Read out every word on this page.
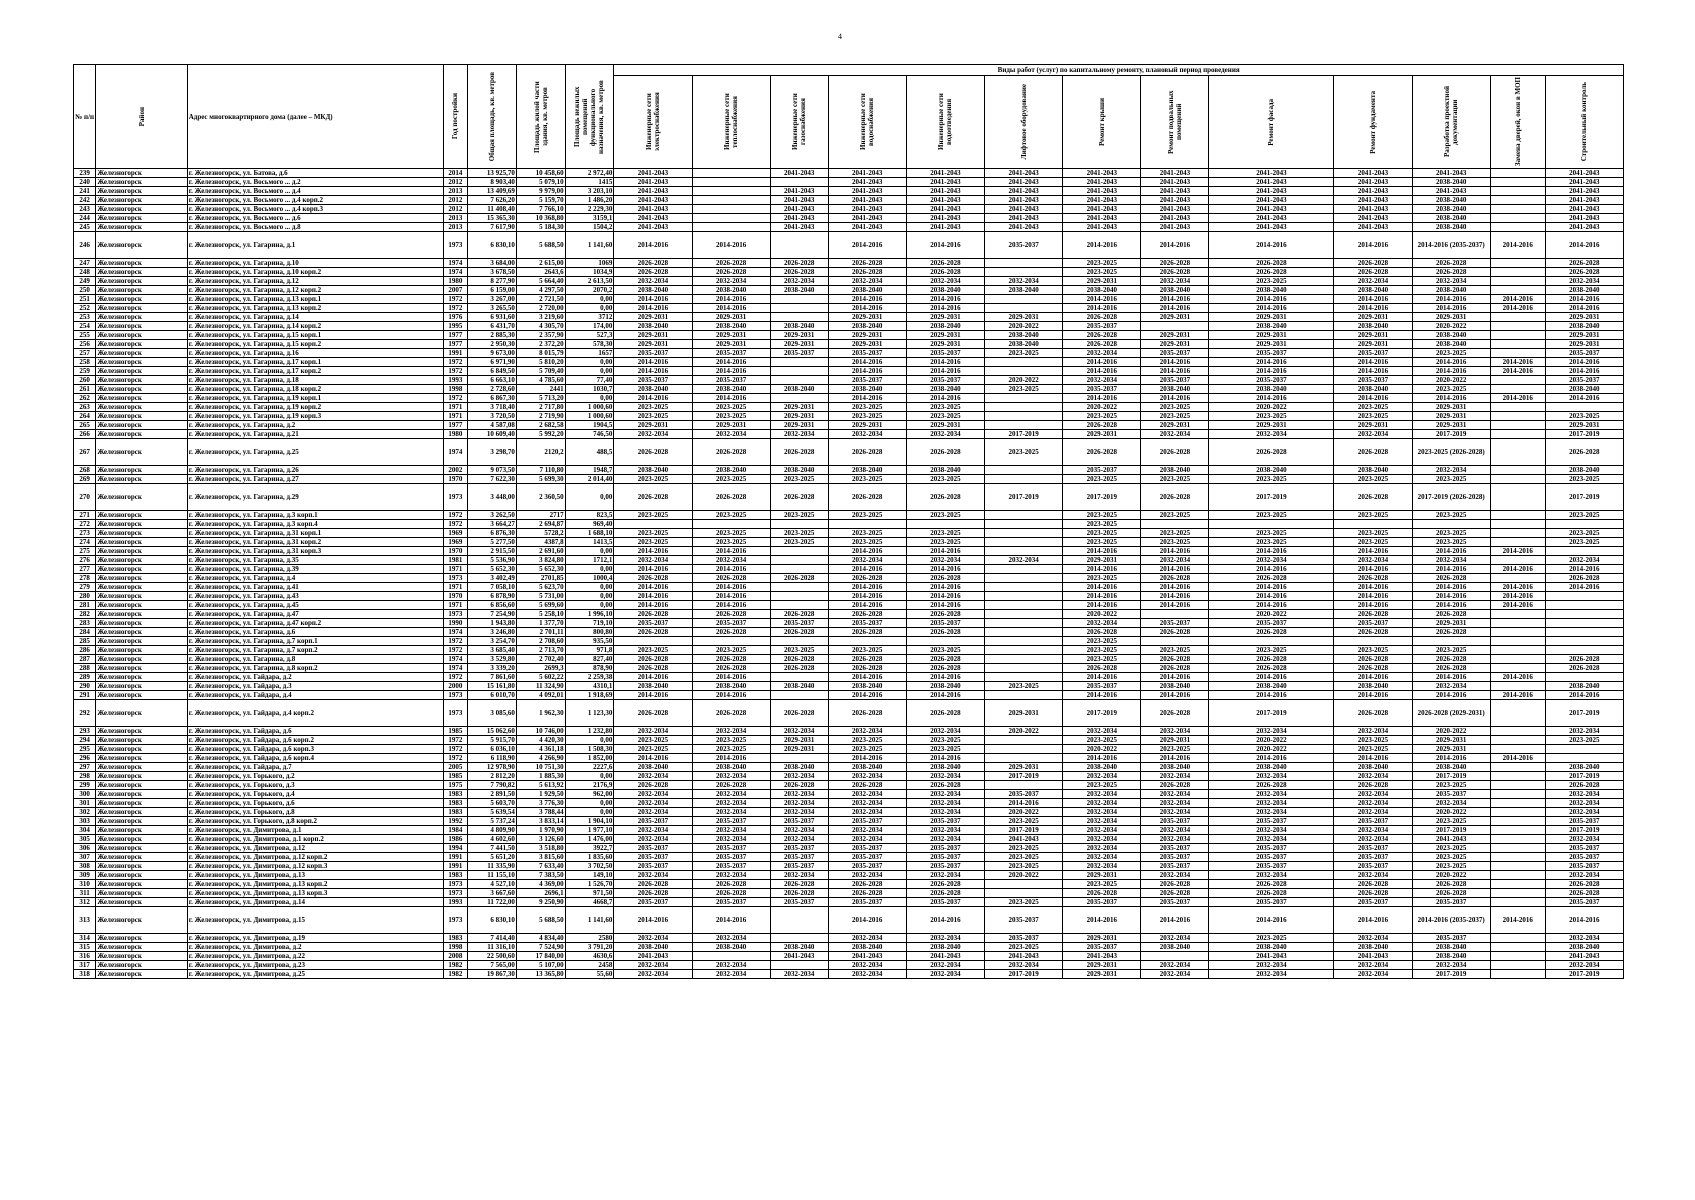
4
№ п/п	Район	Адрес многоквартирного дома (далее – МКД)	Год постройки	Общая площадь, кв. метров	Площадь жилой части здания, кв. метров	Площадь нежилых помещений функционального назначения, кв. метров	Виды работ (услуг) по капитальному ремонту, плановый период проведения												

							Инженерные сети электроснабжения	Инженерные сети теплоснабжения	Инженерные сети газоснабжения	Инженерные сети водоснабжения	Инженерные сети водоотведения	Лифтовое оборудование	Ремонт крыши	Ремонт подвальных помещений	Ремонт фасада	Ремонт фундамента	Разработка проектной документации	Замена дверей, окон в МОП	Строительный контроль

239	Железногорск	г. Железногорск, ул. Батова, д.6	2014	13 925,70	10 458,60	2 972,40	2041-2043		2041-2043	2041-2043	2041-2043	2041-2043	2041-2043	2041-2043	2041-2043	2041-2043	2041-2043		2041-2043
240	Железногорск	г. Железногорск, ул. Восьмого ... д.2	2012	8 903,40	5 079,10	1415	2041-2043			2041-2043	2041-2043	2041-2043	2041-2043	2041-2043	2041-2043	2041-2043	2038-2040		2041-2043
241	Железногорск	г. Железногорск, ул. Восьмого ... д.4	2013	13 409,69	9 979,00	3 203,10	2041-2043		2041-2043	2041-2043	2041-2043	2041-2043	2041-2043	2041-2043	2041-2043	2041-2043	2041-2043		2041-2043
242	Железногорск	г. Железногорск, ул. Восьмого ... д.4 корп.2	2012	7 626,20	5 159,70	1 486,20	2041-2043		2041-2043	2041-2043	2041-2043	2041-2043	2041-2043	2041-2043	2041-2043	2041-2043	2038-2040		2041-2043
243	Железногорск	г. Железногорск, ул. Восьмого ... д.4 корп.3	2012	11 408,40	7 766,10	2 229,30	2041-2043		2041-2043	2041-2043	2041-2043	2041-2043	2041-2043	2041-2043	2041-2043	2041-2043	2038-2040		2041-2043
244	Железногорск	г. Железногорск, ул. Восьмого ... д.6	2013	15 365,30	10 368,80	3159,1	2041-2043		2041-2043	2041-2043	2041-2043	2041-2043	2041-2043	2041-2043	2041-2043	2041-2043	2038-2040		2041-2043
245	Железногорск	г. Железногорск, ул. Восьмого ... д.8	2013	7 617,90	5 184,30	1504,2	2041-2043		2041-2043	2041-2043	2041-2043	2041-2043	2041-2043	2041-2043	2041-2043	2041-2043	2038-2040		2041-2043
246	Железногорск	г. Железногорск, ул. Гагарина, д.1	1973	6 830,10	5 688,50	1 141,60	2014-2016	2014-2016		2014-2016	2014-2016	2035-2037	2014-2016	2014-2016	2014-2016	2014-2016	2014-2016 (2035-2037)	2014-2016	2014-2016
247	Железногорск	г. Железногорск, ул. Гагарина, д.10	1974	3 684,00	2 615,00	1069	2026-2028	2026-2028	2026-2028	2026-2028	2026-2028		2023-2025	2026-2028	2026-2028	2026-2028	2026-2028		2026-2028
248	Железногорск	г. Железногорск, ул. Гагарина, д.10 корп.2	1974	3 678,50	2643,6	1034,9	2026-2028	2026-2028	2026-2028	2026-2028	2026-2028		2023-2025	2026-2028	2026-2028	2026-2028	2026-2028		2026-2028
249	Железногорск	г. Железногорск, ул. Гагарина, д.12	1980	8 277,90	5 664,40	2 613,50	2032-2034	2032-2034	2032-2034	2032-2034	2032-2034	2032-2034	2029-2031	2032-2034	2023-2025	2032-2034	2032-2034		2032-2034
250	Железногорск	г. Железногорск, ул. Гагарина, д.12 корп.2	2007	6 159,00	4 297,50	2070,2	2038-2040	2038-2040	2038-2040	2038-2040	2038-2040	2038-2040	2038-2040	2038-2040	2038-2040	2038-2040	2038-2040		2038-2040
251	Железногорск	г. Железногорск, ул. Гагарина, д.13 корп.1	1972	3 267,00	2 721,50	0,00	2014-2016	2014-2016		2014-2016	2014-2016		2014-2016	2014-2016	2014-2016	2014-2016	2014-2016	2014-2016	2014-2016
252	Железногорск	г. Железногорск, ул. Гагарина, д.13 корп.2	1972	3 265,50	2 720,00	0,00	2014-2016	2014-2016		2014-2016	2014-2016		2014-2016	2014-2016	2014-2016	2014-2016	2014-2016	2014-2016	2014-2016
253	Железногорск	г. Железногорск, ул. Гагарина, д.14	1976	6 931,60	3 219,60	3712	2029-2031	2029-2031		2029-2031	2029-2031	2029-2031	2026-2028	2029-2031	2029-2031	2029-2031	2029-2031		2029-2031
254	Железногорск	г. Железногорск, ул. Гагарина, д.14 корп.2	1995	6 431,70	4 305,70	174,00	2038-2040	2038-2040	2038-2040	2038-2040	2038-2040	2020-2022	2035-2037		2038-2040	2038-2040	2020-2022		2038-2040
255	Железногорск	г. Железногорск, ул. Гагарина, д.15 корп.1	1977	2 885,30	2 357,90	527,3	2029-2031	2029-2031	2029-2031	2029-2031	2029-2031	2038-2040	2026-2028	2029-2031	2029-2031	2029-2031	2038-2040		2029-2031
256	Железногорск	г. Железногорск, ул. Гагарина, д.15 корп.2	1977	2 950,30	2 372,20	578,30	2029-2031	2029-2031	2029-2031	2029-2031	2029-2031	2038-2040	2026-2028	2029-2031	2029-2031	2029-2031	2038-2040		2029-2031
257	Железногорск	г. Железногорск, ул. Гагарина, д.16	1991	9 673,00	8 015,79	1657	2035-2037	2035-2037	2035-2037	2035-2037	2035-2037	2023-2025	2032-2034	2035-2037	2035-2037	2035-2037	2023-2025		2035-2037
258	Железногорск	г. Железногорск, ул. Гагарина, д.17 корп.1	1972	6 971,90	5 810,20	0,00	2014-2016	2014-2016		2014-2016	2014-2016		2014-2016	2014-2016	2014-2016	2014-2016	2014-2016	2014-2016	2014-2016
259	Железногорск	г. Железногорск, ул. Гагарина, д.17 корп.2	1972	6 849,50	5 709,40	0,00	2014-2016	2014-2016		2014-2016	2014-2016		2014-2016	2014-2016	2014-2016	2014-2016	2014-2016	2014-2016	2014-2016
260	Железногорск	г. Железногорск, ул. Гагарина, д.18	1993	6 663,10	4 785,60	77,40	2035-2037	2035-2037		2035-2037	2035-2037	2020-2022	2032-2034	2035-2037	2035-2037	2035-2037	2020-2022		2035-2037
261	Железногорск	г. Железногорск, ул. Гагарина, д.18 корп.2	1998	2 728,60	2441	1030,7	2038-2040	2038-2040	2038-2040	2038-2040	2038-2040	2023-2025	2035-2037	2038-2040	2038-2040	2038-2040	2023-2025		2038-2040
262	Железногорск	г. Железногорск, ул. Гагарина, д.19 корп.1	1972	6 867,30	5 713,20	0,00	2014-2016	2014-2016		2014-2016	2014-2016		2014-2016	2014-2016	2014-2016	2014-2016	2014-2016	2014-2016	2014-2016
263	Железногорск	г. Железногорск, ул. Гагарина, д.19 корп.2	1971	3 718,40	2 717,80	1 000,60	2023-2025	2023-2025	2029-2031	2023-2025	2023-2025		2020-2022	2023-2025	2020-2022	2023-2025	2029-2031		
264	Железногорск	г. Железногорск, ул. Гагарина, д.19 корп.3	1971	3 720,50	2 719,90	1 000,60	2023-2025	2023-2025	2029-2031	2023-2025	2023-2025		2023-2025	2023-2025	2023-2025	2023-2025	2029-2031		2023-2025
265	Железногорск	г. Железногорск, ул. Гагарина, д.2	1977	4 587,08	2 682,58	1904,5	2029-2031	2029-2031	2029-2031	2029-2031	2029-2031		2026-2028	2029-2031	2029-2031	2029-2031	2029-2031		2029-2031
266	Железногорск	г. Железногорск, ул. Гагарина, д.21	1980	10 609,40	5 992,20	746,50	2032-2034	2032-2034	2032-2034	2032-2034	2032-2034	2017-2019	2029-2031	2032-2034	2032-2034	2032-2034	2017-2019		2017-2019
267	Железногорск	г. Железногорск, ул. Гагарина, д.25	1974	3 298,70	2120,2	488,5	2026-2028	2026-2028	2026-2028	2026-2028	2026-2028	2023-2025	2026-2028	2026-2028	2026-2028	2026-2028	2023-2025 (2026-2028)		2026-2028
268	Железногорск	г. Железногорск, ул. Гагарина, д.26	2002	9 073,50	7 110,80	1948,7	2038-2040	2038-2040	2038-2040	2038-2040	2038-2040		2035-2037	2038-2040	2038-2040	2038-2040	2032-2034		2038-2040
269	Железногорск	г. Железногорск, ул. Гагарина, д.27	1970	7 622,30	5 699,30	2 014,40	2023-2025	2023-2025	2023-2025	2023-2025	2023-2025		2023-2025	2023-2025	2023-2025	2023-2025	2023-2025		2023-2025
270	Железногорск	г. Железногорск, ул. Гагарина, д.29	1973	3 448,00	2 360,50	0,00	2026-2028	2026-2028	2026-2028	2026-2028	2026-2028	2017-2019	2017-2019	2026-2028	2017-2019	2026-2028	2017-2019 (2026-2028)		2017-2019
271	Железногорск	г. Железногорск, ул. Гагарина, д.3 корп.1	1972	3 262,50	2717	823,5	2023-2025	2023-2025	2023-2025	2023-2025	2023-2025		2023-2025	2023-2025	2023-2025	2023-2025	2023-2025		2023-2025
272	Железногорск	г. Железногорск, ул. Гагарина, д.3 корп.4	1972	3 664,27	2 694,87	969,40							2023-2025						
273	Железногорск	г. Железногорск, ул. Гагарина, д.31 корп.1	1969	6 876,30	5728,2	1 688,10	2023-2025	2023-2025	2023-2025	2023-2025	2023-2025		2023-2025	2023-2025	2023-2025	2023-2025	2023-2025		2023-2025
274	Железногорск	г. Железногорск, ул. Гагарина, д.31 корп.2	1969	5 277,50	4387,8	1413,5	2023-2025	2023-2025	2023-2025	2023-2025	2023-2025		2023-2025	2023-2025	2023-2025	2023-2025	2023-2025		2023-2025
275	Железногорск	г. Железногорск, ул. Гагарина, д.31 корп.3	1970	2 915,50	2 691,60	0,00	2014-2016	2014-2016		2014-2016	2014-2016		2014-2016	2014-2016	2014-2016	2014-2016	2014-2016	2014-2016	
276	Железногорск	г. Железногорск, ул. Гагарина, д.35	1981	5 536,90	3 824,80	1712,1	2032-2034	2032-2034		2032-2034	2032-2034	2032-2034	2029-2031	2032-2034	2032-2034	2032-2034	2032-2034		2032-2034
277	Железногорск	г. Железногорск, ул. Гагарина, д.39	1971	5 652,30	5 652,30	0,00	2014-2016	2014-2016		2014-2016	2014-2016		2014-2016	2014-2016	2014-2016	2014-2016	2014-2016	2014-2016	2014-2016
278	Железногорск	г. Железногорск, ул. Гагарина, д.4	1973	3 402,49	2701,85	1000,4	2026-2028	2026-2028	2026-2028	2026-2028	2026-2028		2023-2025	2026-2028	2026-2028	2026-2028	2026-2028		2026-2028
279	Железногорск	г. Железногорск, ул. Гагарина, д.41	1971	7 058,10	5 623,70	0,00	2014-2016	2014-2016		2014-2016	2014-2016		2014-2016	2014-2016	2014-2016	2014-2016	2014-2016	2014-2016	2014-2016
280	Железногорск	г. Железногорск, ул. Гагарина, д.43	1970	6 878,90	5 731,00	0,00	2014-2016	2014-2016		2014-2016	2014-2016		2014-2016	2014-2016	2014-2016	2014-2016	2014-2016	2014-2016	
281	Железногорск	г. Железногорск, ул. Гагарина, д.45	1971	6 856,60	5 699,60	0,00	2014-2016	2014-2016		2014-2016	2014-2016		2014-2016	2014-2016	2014-2016	2014-2016	2014-2016	2014-2016	
282	Железногорск	г. Железногорск, ул. Гагарина, д.47	1973	7 254,90	5 258,10	1 996,10	2026-2028	2026-2028	2026-2028	2026-2028	2026-2028		2020-2022		2020-2022	2026-2028	2026-2028		
283	Железногорск	г. Железногорск, ул. Гагарина, д.47 корп.2	1990	1 943,80	1 377,70	719,10	2035-2037	2035-2037	2035-2037	2035-2037	2035-2037		2032-2034	2035-2037	2035-2037	2035-2037	2029-2031		
284	Железногорск	г. Железногорск, ул. Гагарина, д.6	1974	3 246,80	2 701,11	800,80	2026-2028	2026-2028	2026-2028	2026-2028	2026-2028		2026-2028	2026-2028	2026-2028	2026-2028	2026-2028		
285	Железногорск	г. Железногорск, ул. Гагарина, д.7 корп.1	1972	3 254,70	2 708,60	935,50							2023-2025						
286	Железногорск	г. Железногорск, ул. Гагарина, д.7 корп.2	1972	3 685,40	2 713,70	971,8	2023-2025	2023-2025	2023-2025	2023-2025	2023-2025		2023-2025	2023-2025	2023-2025	2023-2025	2023-2025		
287	Железногорск	г. Железногорск, ул. Гагарина, д.8	1974	3 529,80	2 702,40	827,40	2026-2028	2026-2028	2026-2028	2026-2028	2026-2028		2023-2025	2026-2028	2026-2028	2026-2028	2026-2028		2026-2028
288	Железногорск	г. Железногорск, ул. Гагарина, д.8 корп.2	1974	3 339,20	2699,3	878,90	2026-2028	2026-2028	2026-2028	2026-2028	2026-2028		2026-2028	2026-2028	2026-2028	2026-2028	2026-2028		2026-2028
289	Железногорск	г. Железногорск, ул. Гайдара, д.2	1972	7 861,60	5 602,22	2 259,38	2014-2016	2014-2016		2014-2016	2014-2016		2014-2016	2014-2016	2014-2016	2014-2016	2014-2016	2014-2016	
290	Железногорск	г. Железногорск, ул. Гайдара, д.3	2000	15 161,80	11 324,90	4310,1	2038-2040	2038-2040	2038-2040	2038-2040	2038-2040	2023-2025	2035-2037	2038-2040	2038-2040	2038-2040	2032-2034		2038-2040
291	Железногорск	г. Железногорск, ул. Гайдара, д.4	1973	6 010,70	4 092,01	1 918,69	2014-2016	2014-2016		2014-2016	2014-2016		2014-2016	2014-2016	2014-2016	2014-2016	2014-2016	2014-2016	2014-2016
292	Железногорск	г. Железногорск, ул. Гайдара, д.4 корп.2	1973	3 085,60	1 962,30	1 123,30	2026-2028	2026-2028	2026-2028	2026-2028	2026-2028	2029-2031	2017-2019	2026-2028	2017-2019	2026-2028	2026-2028 (2029-2031)		2017-2019
293	Железногорск	г. Железногорск, ул. Гайдара, д.6	1985	15 062,60	10 746,00	1 232,80	2032-2034	2032-2034	2032-2034	2032-2034	2032-2034	2020-2022	2032-2034	2032-2034	2032-2034	2032-2034	2020-2022		2032-2034
294	Железногорск	г. Железногорск, ул. Гайдара, д.6 корп.2	1972	5 915,70	4 420,30	0,00	2023-2025	2023-2025	2029-2031	2023-2025	2023-2025		2023-2025	2029-2031	2020-2022	2023-2025	2029-2031		2023-2025
295	Железногорск	г. Железногорск, ул. Гайдара, д.6 корп.3	1972	6 036,10	4 361,18	1 508,30	2023-2025	2023-2025	2029-2031	2023-2025	2023-2025		2020-2022	2023-2025	2020-2022	2023-2025	2029-2031		
296	Железногорск	г. Железногорск, ул. Гайдара, д.6 корп.4	1972	6 118,90	4 266,90	1 852,00	2014-2016	2014-2016		2014-2016	2014-2016		2014-2016	2014-2016	2014-2016	2014-2016	2014-2016	2014-2016	
297	Железногорск	г. Железногорск, ул. Гайдара, д.7	2005	12 978,90	10 751,30	2227,6	2038-2040	2038-2040	2038-2040	2038-2040	2038-2040	2029-2031	2038-2040	2038-2040	2038-2040	2038-2040	2038-2040		2038-2040
298	Железногорск	г. Железногорск, ул. Горького, д.2	1985	2 812,20	1 885,30	0,00	2032-2034	2032-2034	2032-2034	2032-2034	2032-2034	2017-2019	2032-2034	2032-2034	2032-2034	2032-2034	2017-2019		2017-2019
299	Железногорск	г. Железногорск, ул. Горького, д.3	1975	7 790,82	5 613,92	2176,9	2026-2028	2026-2028	2026-2028	2026-2028	2026-2028		2023-2025	2026-2028	2026-2028	2026-2028	2023-2025		2026-2028
300	Железногорск	г. Железногорск, ул. Горького, д.4	1983	2 891,50	1 929,50	962,00	2032-2034	2032-2034	2032-2034	2032-2034	2032-2034	2035-2037	2032-2034	2032-2034	2032-2034	2032-2034	2035-2037		2032-2034
301	Железногорск	г. Железногорск, ул. Горького, д.6	1983	5 603,70	3 776,30	0,00	2032-2034	2032-2034	2032-2034	2032-2034	2032-2034	2014-2016	2032-2034	2032-2034	2032-2034	2032-2034	2032-2034		2032-2034
302	Железногорск	г. Железногорск, ул. Горького, д.8	1983	5 639,54	3 788,44	0,00	2032-2034	2032-2034	2032-2034	2032-2034	2032-2034	2020-2022	2032-2034	2032-2034	2032-2034	2032-2034	2020-2022		2032-2034
303	Железногорск	г. Железногорск, ул. Горького, д.8 корп.2	1992	5 737,24	3 833,14	1 904,10	2035-2037	2035-2037	2035-2037	2035-2037	2035-2037	2023-2025	2032-2034	2035-2037	2035-2037	2035-2037	2023-2025		2035-2037
304	Железногорск	г. Железногорск, ул. Димитрова, д.1	1984	4 809,90	1 970,90	1 977,10	2032-2034	2032-2034	2032-2034	2032-2034	2032-2034	2017-2019	2032-2034	2032-2034	2032-2034	2032-2034	2017-2019		2017-2019
305	Железногорск	г. Железногорск, ул. Димитрова, д.1 корп.2	1986	4 602,60	3 126,60	1 476,00	2032-2034	2032-2034	2032-2034	2032-2034	2032-2034	2041-2043	2032-2034	2032-2034	2032-2034	2032-2034	2041-2043		2032-2034
306	Железногорск	г. Железногорск, ул. Димитрова, д.12	1994	7 441,50	3 518,80	3922,7	2035-2037	2035-2037	2035-2037	2035-2037	2035-2037	2023-2025	2032-2034	2035-2037	2035-2037	2035-2037	2023-2025		2035-2037
307	Железногорск	г. Железногорск, ул. Димитрова, д.12 корп.2	1991	5 651,20	3 815,60	1 835,60	2035-2037	2035-2037	2035-2037	2035-2037	2035-2037	2023-2025	2032-2034	2035-2037	2035-2037	2035-2037	2023-2025		2035-2037
308	Железногорск	г. Железногорск, ул. Димитрова, д.12 корп.3	1991	11 335,90	7 633,40	3 702,50	2035-2037	2035-2037	2035-2037	2035-2037	2035-2037	2023-2025	2032-2034	2035-2037	2035-2037	2035-2037	2023-2025		2035-2037
309	Железногорск	г. Железногорск, ул. Димитрова, д.13	1983	11 155,10	7 383,50	149,10	2032-2034	2032-2034	2032-2034	2032-2034	2032-2034	2020-2022	2029-2031	2032-2034	2032-2034	2032-2034	2020-2022		2032-2034
310	Железногорск	г. Железногорск, ул. Димитрова, д.13 корп.2	1973	4 527,10	4 369,00	1 526,70	2026-2028	2026-2028	2026-2028	2026-2028	2026-2028		2023-2025	2026-2028	2026-2028	2026-2028	2026-2028		2026-2028
311	Железногорск	г. Железногорск, ул. Димитрова, д.13 корп.3	1973	3 667,60	2696,1	971,50	2026-2028	2026-2028	2026-2028	2026-2028	2026-2028		2026-2028	2026-2028	2026-2028	2026-2028	2026-2028		2026-2028
312	Железногорск	г. Железногорск, ул. Димитрова, д.14	1993	11 722,00	9 250,90	4668,7	2035-2037	2035-2037	2035-2037	2035-2037	2035-2037	2023-2025	2035-2037	2035-2037	2035-2037	2035-2037	2035-2037		2035-2037
313	Железногорск	г. Железногорск, ул. Димитрова, д.15	1973	6 830,10	5 688,50	1 141,60	2014-2016	2014-2016		2014-2016	2014-2016	2035-2037	2014-2016	2014-2016	2014-2016	2014-2016	2014-2016 (2035-2037)	2014-2016	2014-2016
314	Железногорск	г. Железногорск, ул. Димитрова, д.19	1983	7 414,40	4 834,40	2580	2032-2034	2032-2034		2032-2034	2032-2034	2035-2037	2029-2031	2032-2034	2023-2025	2032-2034	2035-2037		2032-2034
315	Железногорск	г. Железногорск, ул. Димитрова, д.2	1998	11 316,10	7 524,90	3 791,20	2038-2040	2038-2040	2038-2040	2038-2040	2038-2040	2023-2025	2035-2037	2038-2040	2038-2040	2038-2040	2038-2040		2038-2040
316	Железногорск	г. Железногорск, ул. Димитрова, д.22	2008	22 500,60	17 840,00	4630,6	2041-2043		2041-2043	2041-2043	2041-2043	2041-2043	2041-2043		2041-2043	2041-2043	2038-2040		2041-2043
317	Железногорск	г. Железногорск, ул. Димитрова, д.23	1982	7 565,00	5 107,00	2458	2032-2034	2032-2034		2032-2034	2032-2034	2032-2034	2029-2031	2032-2034	2032-2034	2032-2034	2032-2034		2032-2034
318	Железногорск	г. Железногорск, ул. Димитрова, д.25	1982	19 867,30	13 365,80	55,60	2032-2034	2032-2034	2032-2034	2032-2034	2032-2034	2017-2019	2029-2031	2032-2034	2032-2034	2032-2034	2017-2019		2017-2019
